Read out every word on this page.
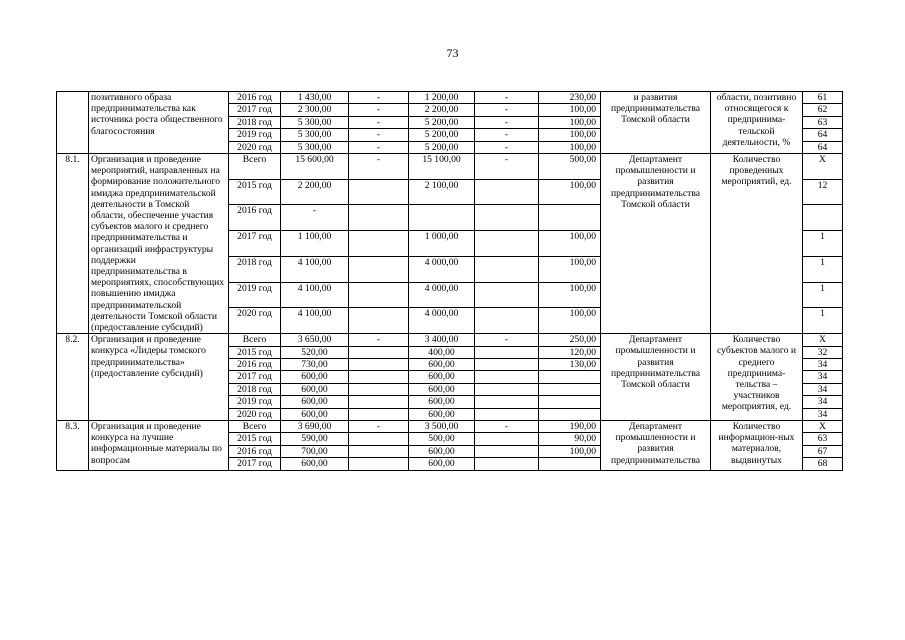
73
	позитивного образа предпринимательства как источника роста общественного благосостояния	2016 год	1 430,00	-	1 200,00	-	230,00	и развития предпринимательства Томской области	области, позитивно относящегося к предпринима-тельской деятельности, %	61
		2017 год	2 300,00	-	2 200,00	-	100,00			62
		2018 год	5 300,00	-	5 200,00	-	100,00			63
		2019 год	5 300,00	-	5 200,00	-	100,00			64
		2020 год	5 300,00	-	5 200,00	-	100,00			64
8.1.	Организация и проведение мероприятий, направленных на формирование положительного имиджа предпринимательской деятельности в Томской области, обеспечение участия субъектов малого и среднего предпринимательства и организаций инфраструктуры поддержки предпринимательства в мероприятиях, способствующих повышению имиджа предпринимательской деятельности Томской области (предоставление субсидий)	Всего	15 600,00	-	15 100,00	-	500,00	Департамент промышленности и развития предпринимательства Томской области	Количество проведенных мероприятий, ед.	X
		2015 год	2 200,00		2 100,00		100,00			12
		2016 год	-							
		2017 год	1 100,00		1 000,00		100,00			1
		2018 год	4 100,00		4 000,00		100,00			1
		2019 год	4 100,00		4 000,00		100,00			1
		2020 год	4 100,00		4 000,00		100,00			1
8.2.	Организация и проведение конкурса «Лидеры томского предпринимательства» (предоставление субсидий)	Всего	3 650,00	-	3 400,00	-	250,00	Департамент промышленности и развития предпринимательства Томской области	Количество субъектов малого и среднего предпринима-тельства – участников мероприятия, ед.	X
		2015 год	520,00		400,00		120,00			32
		2016 год	730,00		600,00		130,00			34
		2017 год	600,00		600,00					34
		2018 год	600,00		600,00					34
		2019 год	600,00		600,00					34
		2020 год	600,00		600,00					34
8.3.	Организация и проведение конкурса на лучшие информационные материалы по вопросам	Всего	3 690,00	-	3 500,00	-	190,00	Департамент промышленности и развития предпринимательства	Количество информацион-ных материалов, выдвинутых	X
		2015 год	590,00		500,00		90,00			63
		2016 год	700,00		600,00		100,00			67
		2017 год	600,00		600,00					68
